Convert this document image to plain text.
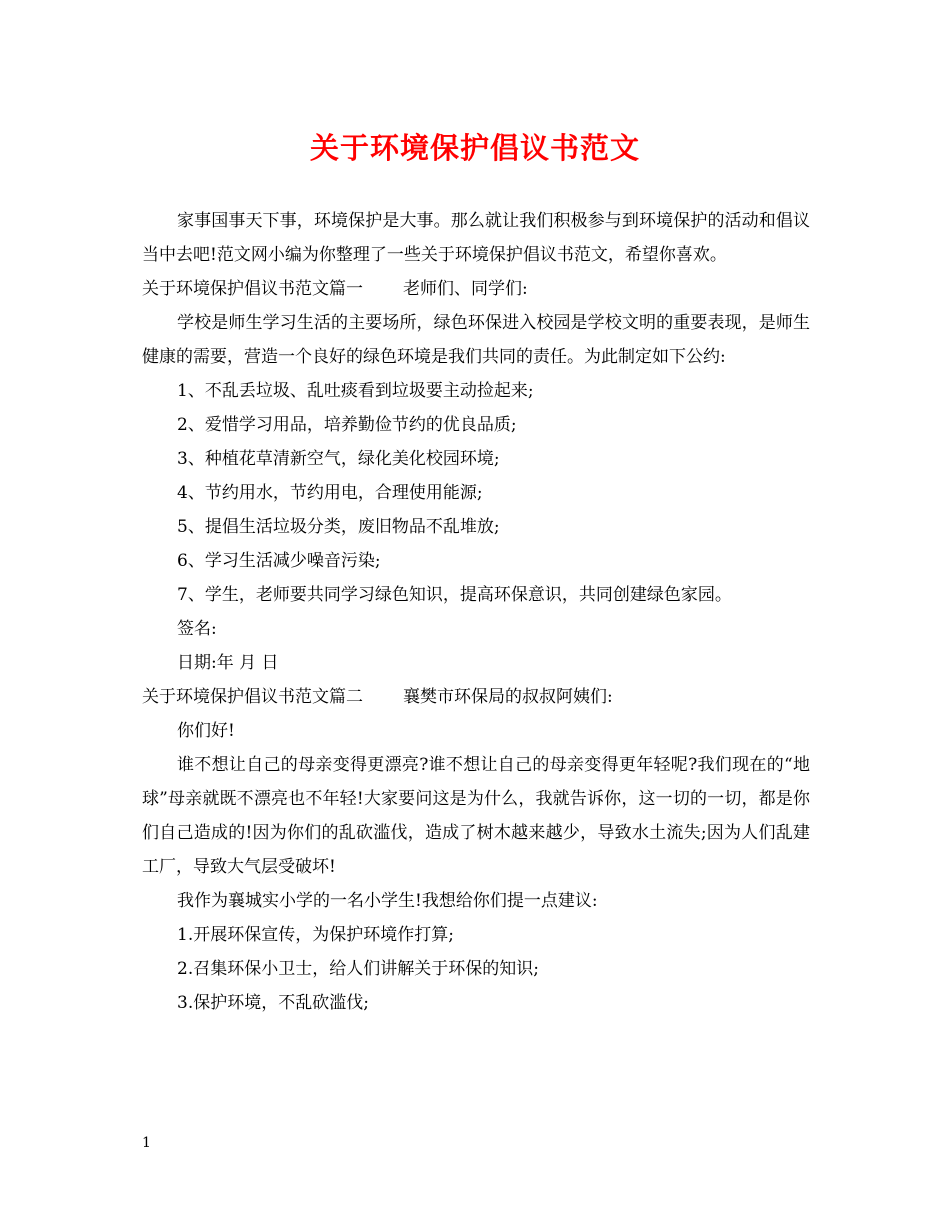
关于环境保护倡议书范文

家事国事天下事，环境保护是大事。那么就让我们积极参与到环境保护的活动和倡议当中去吧!范文网小编为你整理了一些关于环境保护倡议书范文，希望你喜欢。

关于环境保护倡议书范文篇一 老师们、同学们:

学校是师生学习生活的主要场所，绿色环保进入校园是学校文明的重要表现，是师生健康的需要，营造一个良好的绿色环境是我们共同的责任。为此制定如下公约:

1、不乱丢垃圾、乱吐痰看到垃圾要主动捡起来;

2、爱惜学习用品，培养勤俭节约的优良品质;

3、种植花草清新空气，绿化美化校园环境;

4、节约用水，节约用电，合理使用能源;

5、提倡生活垃圾分类，废旧物品不乱堆放;

6、学习生活减少噪音污染;

7、学生，老师要共同学习绿色知识，提高环保意识，共同创建绿色家园。

签名:

日期:年 月 日

关于环境保护倡议书范文篇二 襄樊市环保局的叔叔阿姨们:

你们好!

谁不想让自己的母亲变得更漂亮?谁不想让自己的母亲变得更年轻呢?我们现在的“地球”母亲就既不漂亮也不年轻!大家要问这是为什么，我就告诉你，这一切的一切，都是你们自己造成的!因为你们的乱砍滥伐，造成了树木越来越少，导致水土流失;因为人们乱建工厂，导致大气层受破坏!

我作为襄城实小学的一名小学生!我想给你们提一点建议:

1.开展环保宣传，为保护环境作打算;

2.召集环保小卫士，给人们讲解关于环保的知识;

3.保护环境，不乱砍滥伐;

1
